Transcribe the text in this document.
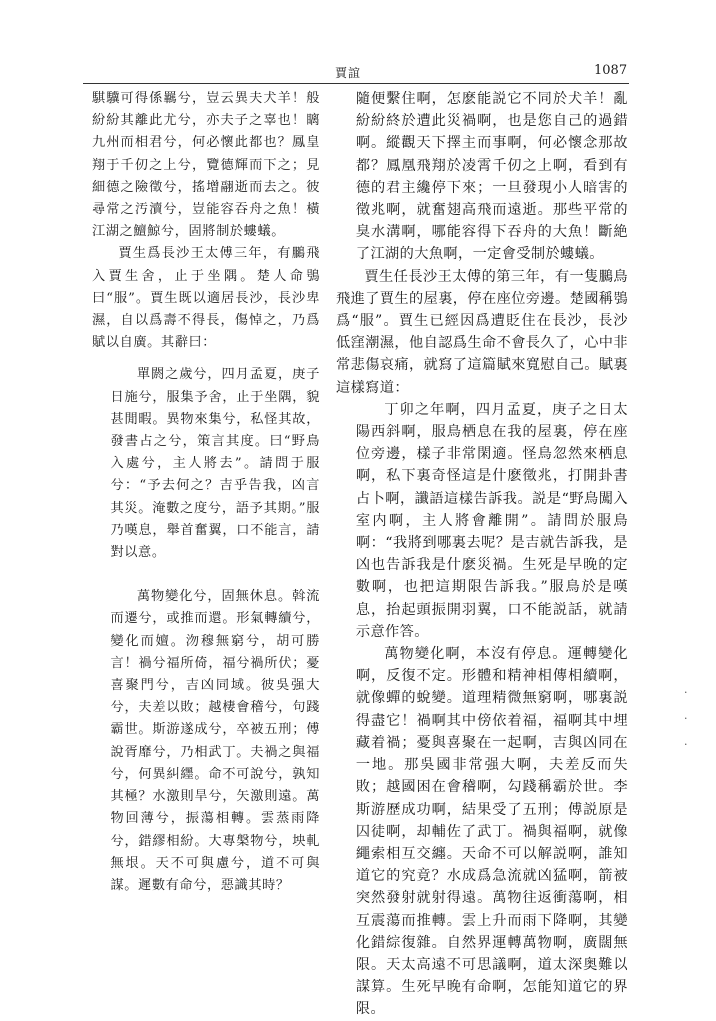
賈誼	1087

騏驥可得係羈兮，豈云異夫犬羊！般紛紛其離此尤兮，亦夫子之辜也！瞝九州而相君兮，何必懷此都也？鳳皇翔于千仞之上兮，覽德輝而下之；見細德之險徵兮，搖增翮逝而去之。彼尋常之汚瀆兮，豈能容吞舟之魚！橫江湖之鱣鯨兮，固將制於螻蟻。

賈生爲長沙王太傅三年，有鵩飛入賈生舍，止于坐隅。楚人命鴞曰“服”。賈生既以適居長沙，長沙卑濕，自以爲壽不得長，傷悼之，乃爲賦以自廣。其辭曰：

單閼之歲兮，四月孟夏，庚子日施兮，服集予舍，止于坐隅，貌甚閒暇。異物來集兮，私怪其故，發書占之兮，策言其度。曰“野鳥入處兮，主人將去”。請問于服兮：“予去何之？吉乎告我，凶言其災。淹數之度兮，語予其期。”服乃嘆息，舉首奮翼，口不能言，請對以意。

萬物變化兮，固無休息。斡流而遷兮，或推而還。形氣轉續兮，變化而嬗。沕穆無窮兮，胡可勝言！禍兮福所倚，福兮禍所伏；憂喜聚門兮，吉凶同域。彼吳强大兮，夫差以敗；越棲會稽兮，句踐霸世。斯游遂成兮，卒被五刑；傅說胥靡兮，乃相武丁。夫禍之與福兮，何異糾纆。命不可說兮，孰知其極？水激則旱兮，矢激則遠。萬物回薄兮，振蕩相轉。雲蒸雨降兮，錯繆相紛。大專槃物兮，坱軋無垠。天不可與慮兮，道不可與謀。遲數有命兮，惡識其時？

隨便繫住啊，怎麽能説它不同於犬羊！亂紛紛終於遭此災禍啊，也是您自己的過錯啊。縱觀天下擇主而事啊，何必懷念那故都？鳳凰飛翔於凌霄千仞之上啊，看到有德的君主纔停下來；一旦發現小人暗害的徵兆啊，就奮翅高飛而遠逝。那些平常的臭水溝啊，哪能容得下吞舟的大魚！斷絶了江湖的大魚啊，一定會受制於螻蟻。

賈生任長沙王太傅的第三年，有一隻鵩鳥飛進了賈生的屋裏，停在座位旁邊。楚國稱鴞爲“服”。賈生已經因爲遭貶住在長沙，長沙低窪潮濕，他自認爲生命不會長久了，心中非常悲傷哀痛，就寫了這篇賦來寬慰自己。賦裏這樣寫道：

丁卯之年啊，四月孟夏，庚子之日太陽西斜啊，服鳥栖息在我的屋裏，停在座位旁邊，樣子非常閑適。怪鳥忽然來栖息啊，私下裏奇怪這是什麽徵兆，打開卦書占卜啊，讖語這樣告訴我。説是“野鳥闖入室内啊，主人將會離開”。請問於服鳥啊：“我將到哪裏去呢？是吉就告訴我，是凶也告訴我是什麽災禍。生死是早晚的定數啊，也把這期限告訴我。”服鳥於是嘆息，抬起頭振開羽翼，口不能説話，就請示意作答。

萬物變化啊，本沒有停息。運轉變化啊，反復不定。形體和精神相傳相續啊，就像蟬的蛻變。道理精微無窮啊，哪裏説得盡它！禍啊其中傍依着福，福啊其中埋藏着禍；憂與喜聚在一起啊，吉與凶同在一地。那吳國非常强大啊，夫差反而失敗；越國困在會稽啊，勾踐稱霸於世。李斯游歷成功啊，結果受了五刑；傅説原是囚徒啊，却輔佐了武丁。禍與福啊，就像繩索相互交纏。天命不可以解説啊，誰知道它的究竟？水成爲急流就凶猛啊，箭被突然發射就射得遠。萬物往返衝蕩啊，相互震蕩而推轉。雲上升而雨下降啊，其變化錯綜復雜。自然界運轉萬物啊，廣闊無限。天太高遠不可思議啊，道太深奥難以謀算。生死早晚有命啊，怎能知道它的界限。

·
·
·
